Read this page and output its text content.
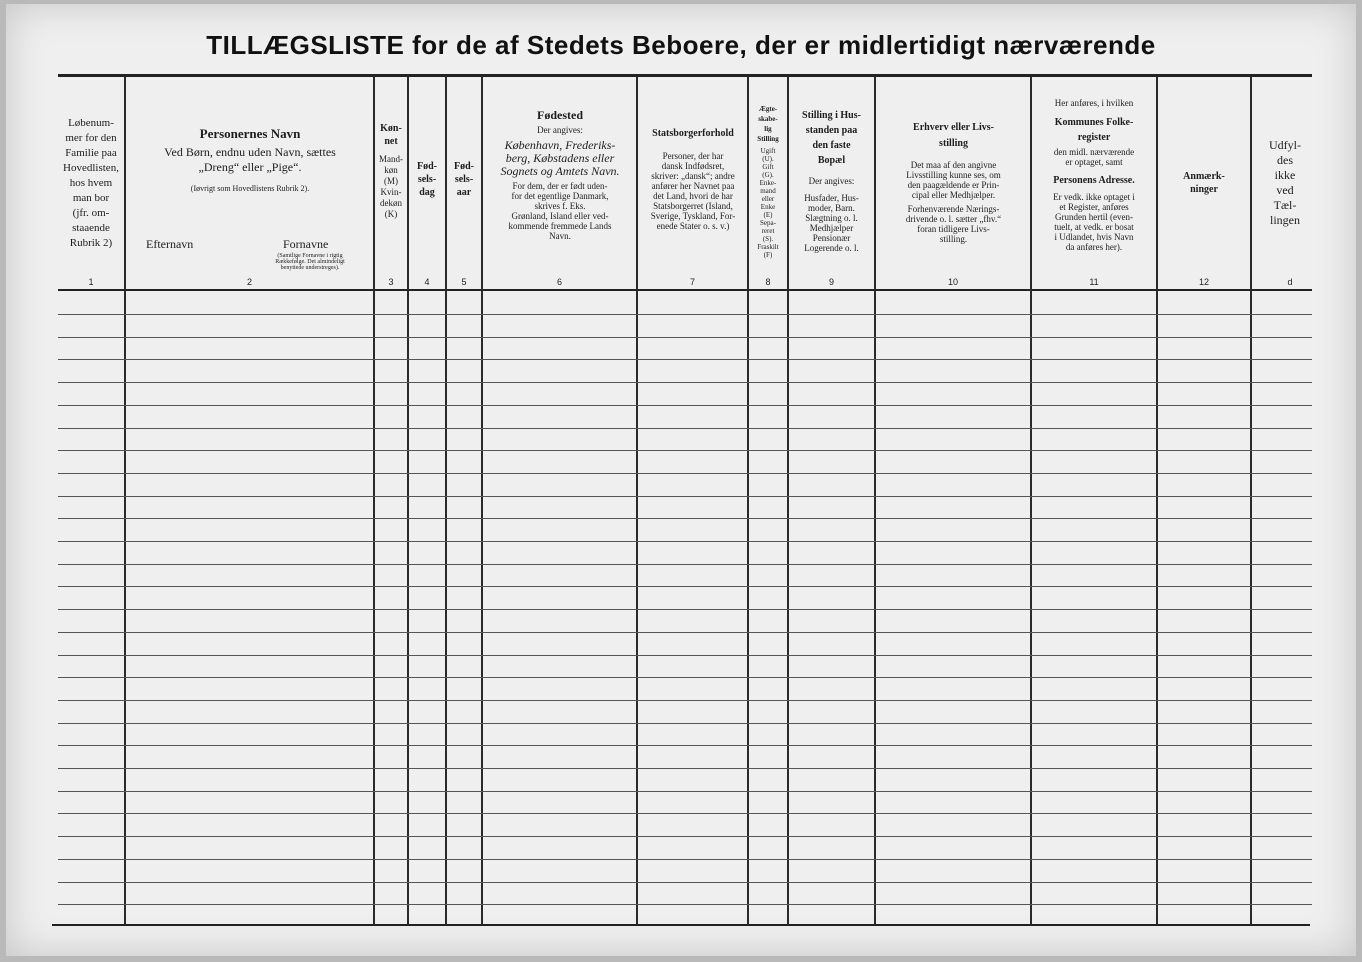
TILLÆGSLISTE for de af Stedets Beboere, der er midlertidigt nærværende
Løbenum-
mer for den
Familie paa
Hovedlisten,
hos hvem
man bor
(jfr. om-
staaende
Rubrik 2)
Personernes Navn
Ved Børn, endnu uden Navn, sættes
„Dreng“ eller „Pige“.
(Iøvrigt som Hovedlistens Rubrik 2).
Efternavn	Fornavne
(Samtlige Fornavne i rigtig
Rækkefølge. Det almindeligt
benyttede understreges).
Køn-
net
Mand-
køn
(M)
Kvin-
dekøn
(K)
Fød-
sels-
dag
Fød-
sels-
aar
Fødested
Der angives:
København, Frederiks-
berg, Købstadens eller
Sognets og Amtets Navn.
For dem, der er født uden-
for det egentlige Danmark,
skrives f. Eks.
Grønland, Island eller ved-
kommende fremmede Lands
Navn.
Statsborgerforhold
Personer, der har
dansk Indfødsret,
skriver: „dansk“; andre
anfører her Navnet paa
det Land, hvori de har
Statsborgerret (Island,
Sverige, Tyskland, For-
enede Stater o. s. v.)
Ægte-
skabe-
lig
Stilling
Ugift
(U).
Gift
(G).
Enke-
mand
eller
Enke
(E)
Sepa-
reret
(S).
Fraskilt
(F)
Stilling i Hus-
standen paa
den faste
Bopæl
Der angives:
Husfader, Hus-
moder, Barn.
Slægtning o. l.
Medhjælper
Pensionær
Logerende o. l.
Erhverv eller Livs-
stilling
Det maa af den angivne
Livsstilling kunne ses, om
den paagældende er Prin-
cipal eller Medhjælper.
Forhenværende Nærings-
drivende o. l. sætter „fhv.“
foran tidligere Livs-
stilling.
Her anføres, i hvilken
Kommunes Folke-
register
den midl. nærværende
er optaget, samt
Personens Adresse.
Er vedk. ikke optaget i
et Register, anføres
Grunden hertil (even-
tuelt, at vedk. er bosat
i Udlandet, hvis Navn
da anføres her).
Anmærk-
ninger
Udfyl-
des
ikke
ved
Tæl-
lingen
1	2	3	4	5	6	7	8	9	10	11	12	d
